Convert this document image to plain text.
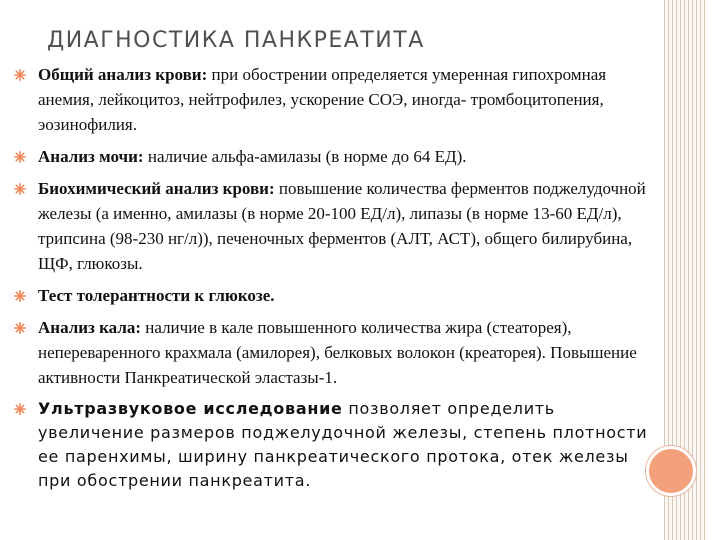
ДИАГНОСТИКА ПАНКРЕАТИТА
Общий анализ крови: при обострении определяется умеренная гипохромная анемия, лейкоцитоз, нейтрофилез, ускорение СОЭ, иногда- тромбоцитопения, эозинофилия.
Анализ мочи: наличие альфа-амилазы (в норме до 64 ЕД).
Биохимический анализ крови: повышение количества ферментов поджелудочной железы (а именно, амилазы (в норме 20-100 ЕД/л), липазы (в норме 13-60 ЕД/л), трипсина (98-230 нг/л)), печеночных ферментов (АЛТ, АСТ), общего билирубина, ЩФ, глюкозы.
Тест толерантности к глюкозе.
Анализ кала: наличие в кале повышенного количества жира (стеаторея), непереваренного крахмала (амилорея), белковых волокон (креаторея). Повышение активности Панкреатической эластазы-1.
Ультразвуковое исследование позволяет определить увеличение размеров поджелудочной железы, степень плотности ее паренхимы, ширину панкреатического протока, отек железы при обострении панкреатита.
